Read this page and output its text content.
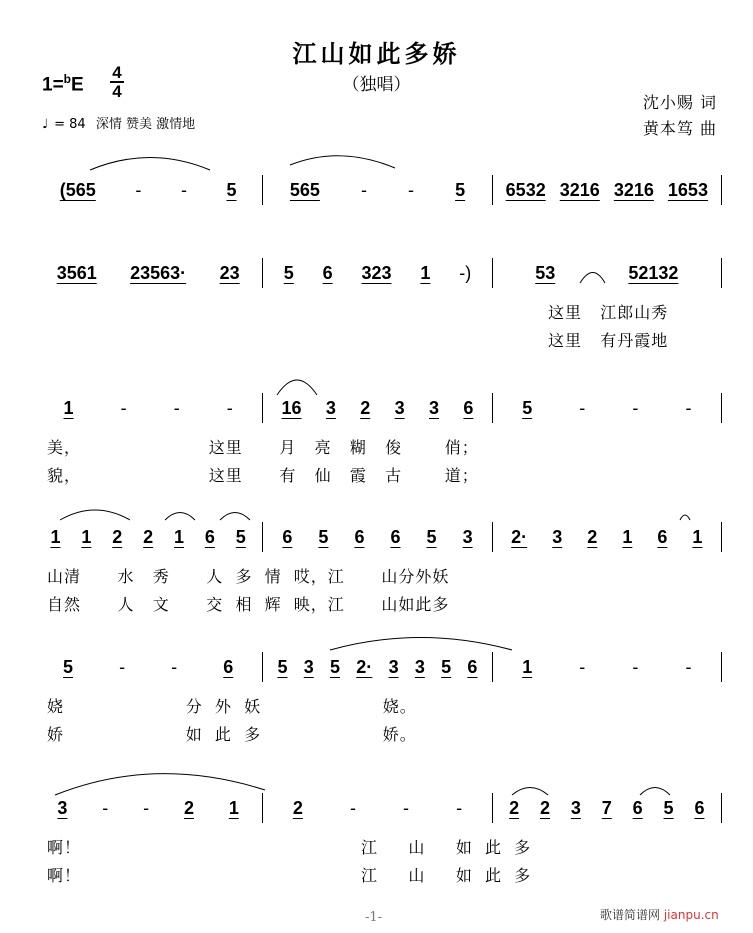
江山如此多娇
（独唱）
1=$^b$E
4
4
♩ = 84 深情 赞美 激情地
沈小赐 词
黄本笃 曲
(565 - - 5	565 - - 5 6532 3216 3216 1653
3561 23563· 23 5 6 323 1 -)	53	52132
这里   江郎山秀
这里   有丹霞地
1	-	-	-	16 3 2 3 3 6	5	-	-	-
美，                     这里      月   亮   糊   俊       俏；
貌，                     这里      有   仙   霞   古       道；
1 1 2 2 1 6 5 6 5 6 6 5 3 2· 3 2 1 6 1
山清      水   秀      人  多  情  哎，江      山分外妖
自然      人   文      交  相  辉  映，江      山如此多
5	-	-	6 5 3 5 2· 3 3 5 6 1	-	-	-
娆                    分  外  妖                    娆。
娇                    如  此  多                    娇。
3 - - 2 1	2	-	-	-	2 2 3 7 6 5 6
啊！                                              江     山     如  此  多
啊！                                              江     山     如  此  多
-1-	歌谱简谱网 jianpu.cn
